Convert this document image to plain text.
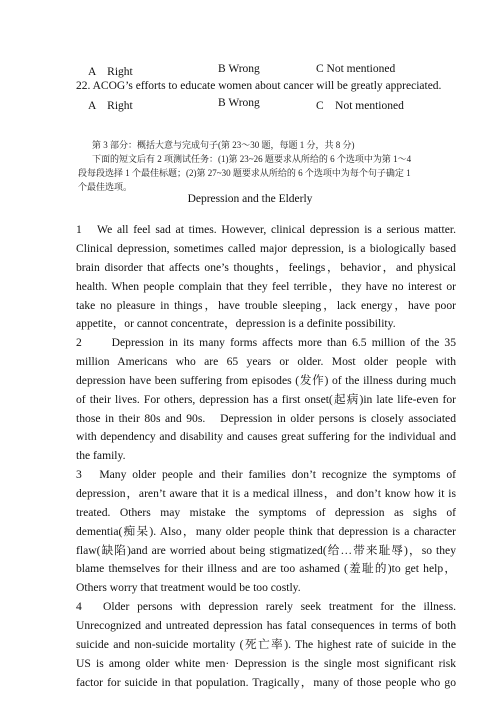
A　Right	B Wrong	C Not mentioned
22. ACOG’s efforts to educate women about cancer will be greatly appreciated.
A　Right	B Wrong	C　Not mentioned
第 3 部分：概括大意与完成句子(第 23～30 题，每题 1 分，共 8 分)
下面的短文后有 2 项测试任务：(1)第 23~26 题要求从所给的 6 个选项中为第 1～4
段每段选择 1 个最佳标题；(2)第 27~30 题要求从所给的 6 个选项中为每个句子确定 1
个最佳选项。
Depression and the Elderly
1　We all feel sad at times. However, clinical depression is a serious matter.
Clinical depression, sometimes called major depression, is a biologically based
brain disorder that affects one’s thoughts，feelings，behavior，and physical
health. When people complain that they feel terrible，they have no interest or
take no pleasure in things，have trouble sleeping，lack energy，have poor
appetite，or cannot concentrate，depression is a definite possibility.
2　　Depression in its many forms affects more than 6.5 million of the 35
million Americans who are 65 years or older. Most older people with
depression have been suffering from episodes (发作) of the illness during much
of their lives. For others, depression has a first onset(起病)in late life-even for
those in their 80s and 90s.　Depression in older persons is closely associated
with dependency and disability and causes great suffering for the individual and
the family.
3　Many older people and their families don’t recognize the symptoms of
depression，aren’t aware that it is a medical illness，and don’t know how it is
treated. Others may mistake the symptoms of depression as sighs of
dementia(痴呆). Also，many older people think that depression is a character
flaw(缺陷)and are worried about being stigmatized(给…带来耻辱)，so they
blame themselves for their illness and are too ashamed (羞耻的)to get help，
Others worry that treatment would be too costly.
4　Older persons with depression rarely seek treatment for the illness.
Unrecognized and untreated depression has fatal consequences in terms of both
suicide and non-suicide mortality (死亡率). The highest rate of suicide in the
US is among older white men· Depression is the single most significant risk
factor for suicide in that population. Tragically，many of those people who go
